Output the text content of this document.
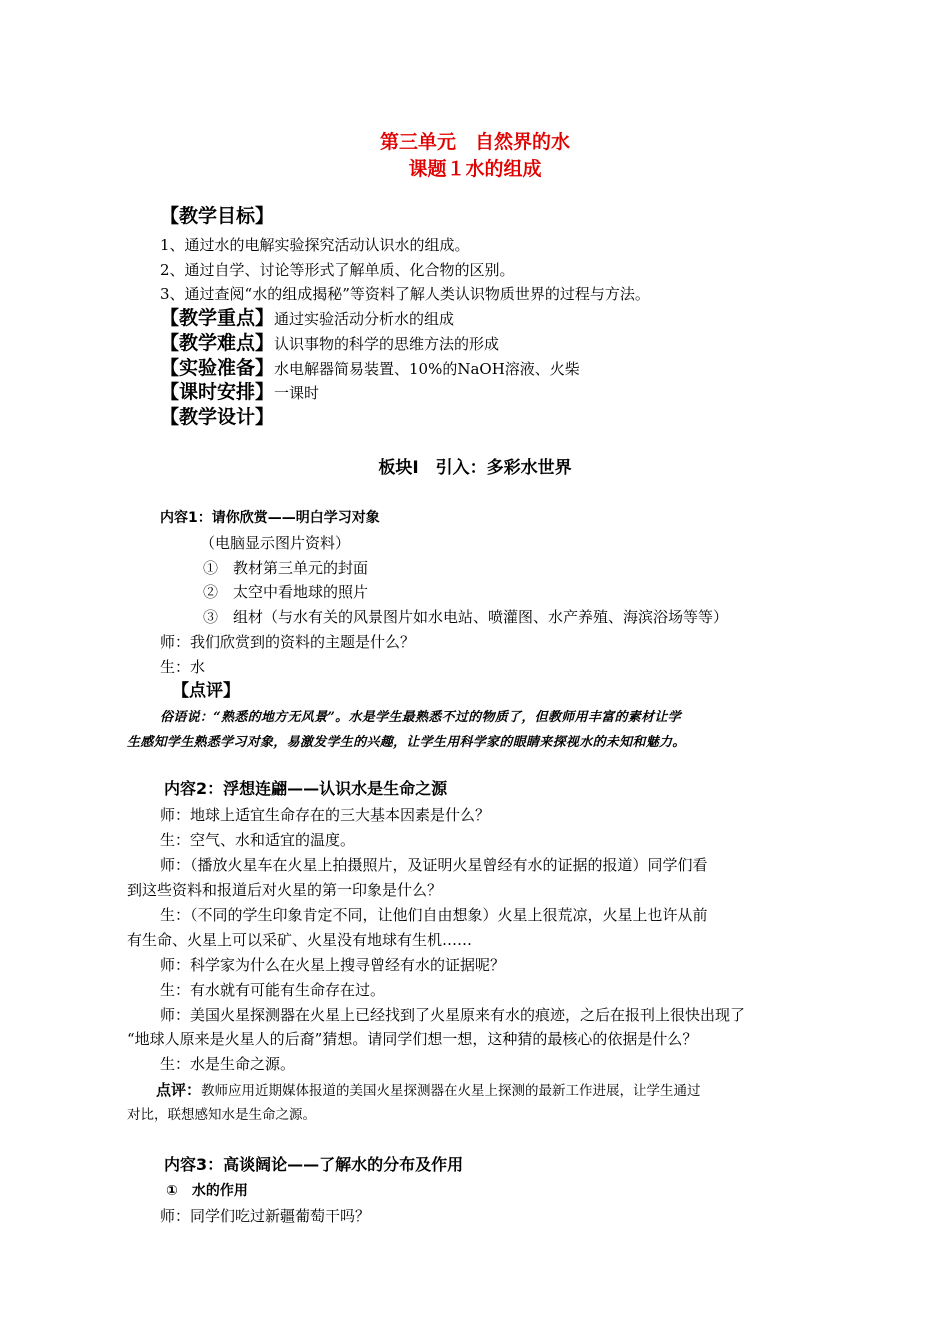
第三单元　自然界的水
课题１水的组成
【教学目标】
1、通过水的电解实验探究活动认识水的组成。
2、通过自学、讨论等形式了解单质、化合物的区别。
3、通过查阅“水的组成揭秘”等资料了解人类认识物质世界的过程与方法。
【教学重点】通过实验活动分析水的组成
【教学难点】认识事物的科学的思维方法的形成
【实验准备】水电解器简易装置、10%的NaOH溶液、火柴
【课时安排】一课时
【教学设计】
板块Ⅰ　引入：多彩水世界
内容1：请你欣赏——明白学习对象
（电脑显示图片资料）
①　教材第三单元的封面
②　太空中看地球的照片
③　组材（与水有关的风景图片如水电站、喷灌图、水产养殖、海滨浴场等等）
师：我们欣赏到的资料的主题是什么？
生：水
【点评】
俗语说：“熟悉的地方无风景”。水是学生最熟悉不过的物质了，但教师用丰富的素材让学
生感知学生熟悉学习对象，易激发学生的兴趣，让学生用科学家的眼睛来探视水的未知和魅力。
内容2：浮想连翩——认识水是生命之源
师：地球上适宜生命存在的三大基本因素是什么？
生：空气、水和适宜的温度。
师：（播放火星车在火星上拍摄照片，及证明火星曾经有水的证据的报道）同学们看
到这些资料和报道后对火星的第一印象是什么？
生：（不同的学生印象肯定不同，让他们自由想象）火星上很荒凉，火星上也许从前
有生命、火星上可以采矿、火星没有地球有生机……
师：科学家为什么在火星上搜寻曾经有水的证据呢？
生：有水就有可能有生命存在过。
师：美国火星探测器在火星上已经找到了火星原来有水的痕迹，之后在报刊上很快出现了
“地球人原来是火星人的后裔”猜想。请同学们想一想，这种猜的最核心的依据是什么？
生：水是生命之源。
点评：教师应用近期媒体报道的美国火星探测器在火星上探测的最新工作进展，让学生通过
对比，联想感知水是生命之源。
内容3：高谈阔论——了解水的分布及作用
①　水的作用
师：同学们吃过新疆葡萄干吗？
